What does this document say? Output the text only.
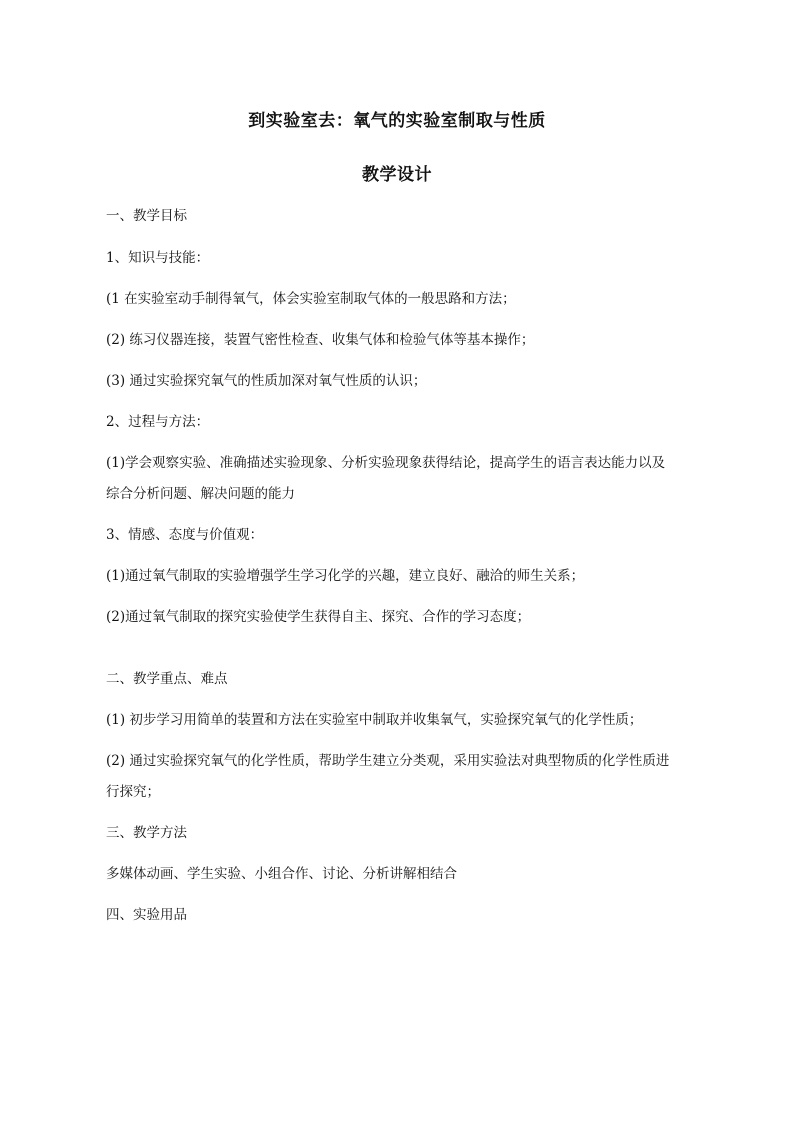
到实验室去：氧气的实验室制取与性质
教学设计
一、教学目标
1、知识与技能：
(1 在实验室动手制得氧气，体会实验室制取气体的一般思路和方法；
(2) 练习仪器连接，装置气密性检查、收集气体和检验气体等基本操作；
(3) 通过实验探究氧气的性质加深对氧气性质的认识；
2、过程与方法：
(1)学会观察实验、准确描述实验现象、分析实验现象获得结论，提高学生的语言表达能力以及
综合分析问题、解决问题的能力
3、情感、态度与价值观：
(1)通过氧气制取的实验增强学生学习化学的兴趣，建立良好、融洽的师生关系；
(2)通过氧气制取的探究实验使学生获得自主、探究、合作的学习态度；
二、教学重点、难点
(1) 初步学习用简单的装置和方法在实验室中制取并收集氧气，实验探究氧气的化学性质；
(2) 通过实验探究氧气的化学性质，帮助学生建立分类观，采用实验法对典型物质的化学性质进
行探究；
三、教学方法
多媒体动画、学生实验、小组合作、讨论、分析讲解相结合
四、实验用品
